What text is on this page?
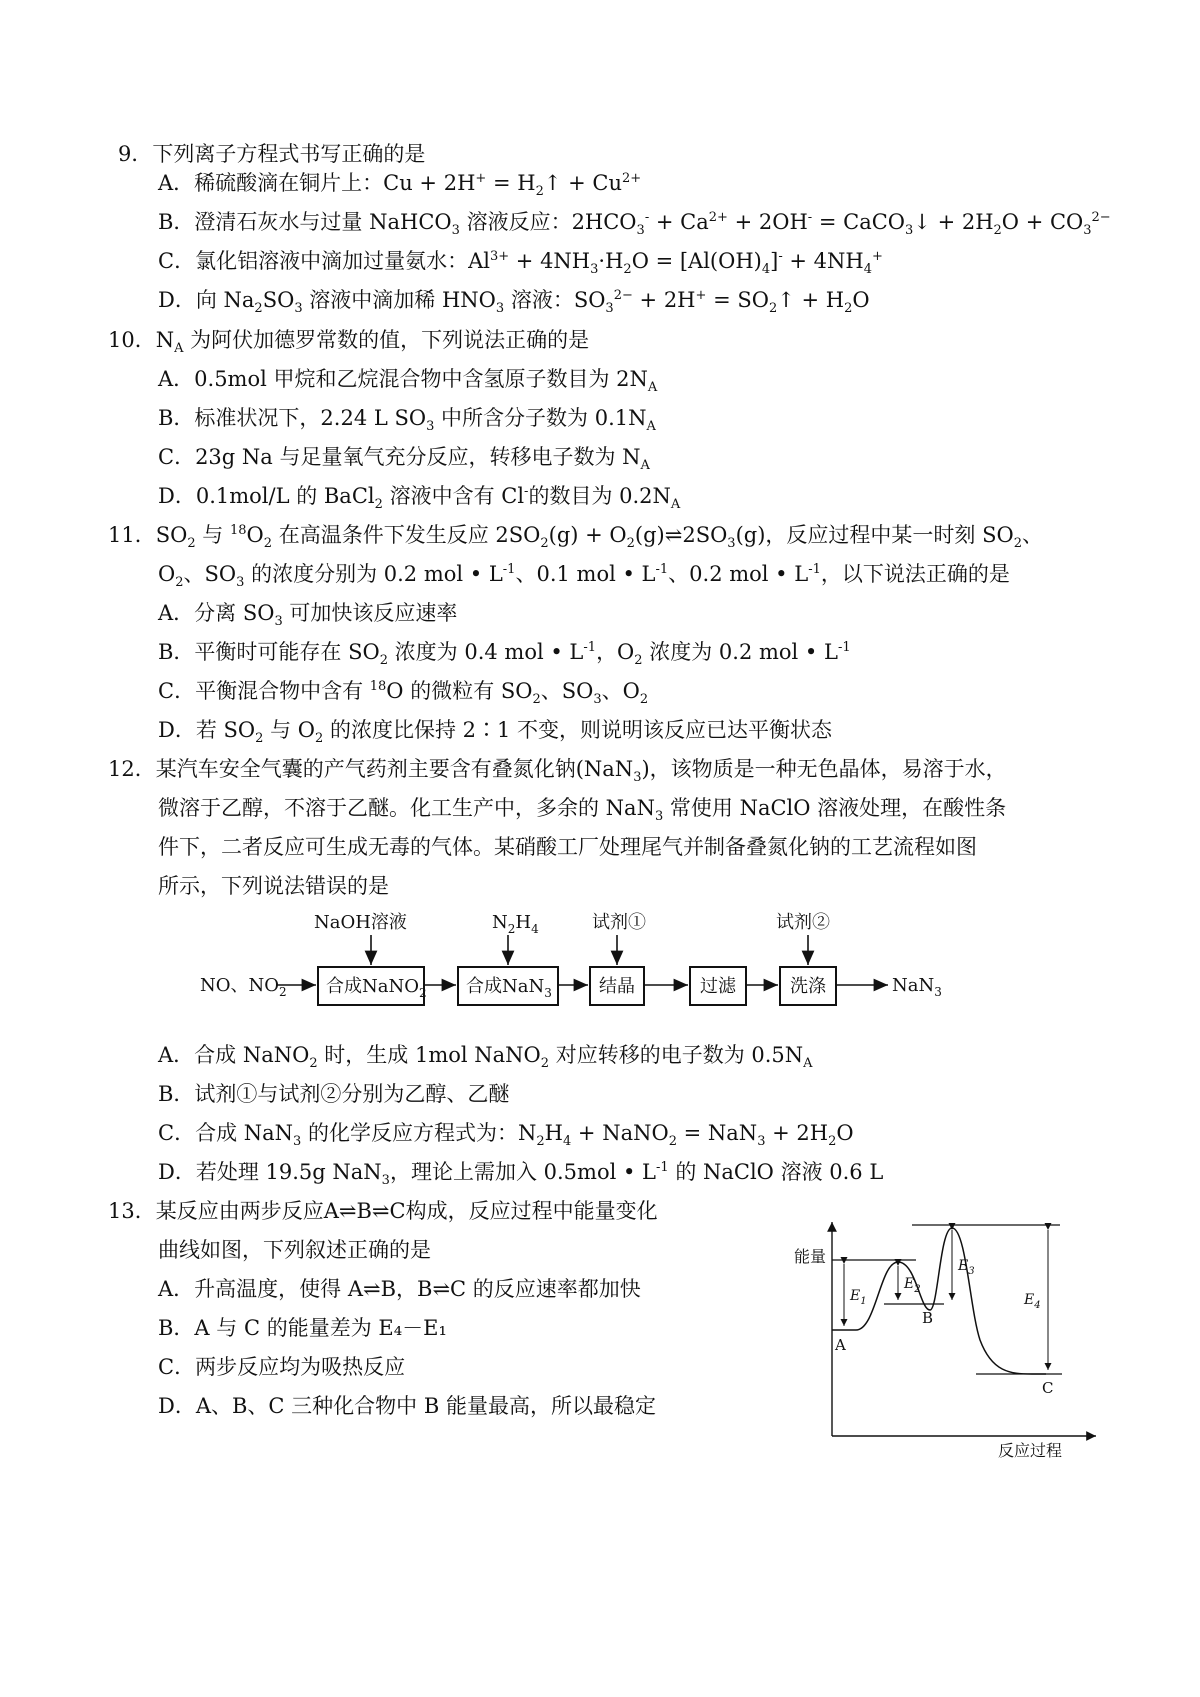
9．下列离子方程式书写正确的是
A．稀硫酸滴在铜片上：$Cu + 2H^+ = H_2↑ + Cu^{2+}$
B．澄清石灰水与过量 NaHCO$_3$ 溶液反应：$2HCO_3^- + Ca^{2+} + 2OH^-$ = CaCO$_3$↓ + $2H_2O + CO_3^{2-}$
C．氯化铝溶液中滴加过量氨水：$Al^{3+} + 4NH_3\cdot H_2O = [Al(OH)_4]^- + 4NH_4^+$
D．向 $Na_2SO_3$ 溶液中滴加稀 $HNO_3$ 溶液：$SO_3^{2-} + 2H^+$ = $SO_2↑ + H_2O$
10．$N_A$ 为阿伏加德罗常数的值，下列说法正确的是
A．0.5mol 甲烷和乙烷混合物中含氢原子数目为 $2N_A$
B．标准状况下，2.24 L $SO_3$ 中所含分子数为 $0.1N_A$
C．23g Na 与足量氧气充分反应，转移电子数为 $N_A$
D．0.1mol/L 的 BaCl$_2$ 溶液中含有 Cl-的数目为 $0.2N_A$
11．$SO_2$ 与 $^{18}O_2$ 在高温条件下发生反应 $2SO_2(g)$ + $O_2(g)\rightleftharpoons 2SO_3(g)$，反应过程中某一时刻 $SO_2$、
$O_2$、$SO_3$ 的浓度分别为 0.2 mol • $L^{-1}$、0.1 mol • $L^{-1}$、0.2 mol • $L^{-1}$，以下说法正确的是
A．分离 $SO_3$ 可加快该反应速率
B．平衡时可能存在 $SO_2$ 浓度为 0.4 mol • $L^{-1}$，$O_2$ 浓度为 0.2 mol • $L^{-1}$
C．平衡混合物中含有 $^{18}$O 的微粒有 $SO_2$、$SO_3$、$O_2$
D．若 $SO_2$ 与 $O_2$ 的浓度比保持 2∶1 不变，则说明该反应已达平衡状态
12．某汽车安全气囊的产气药剂主要含有叠氮化钠(NaN$_3$)，该物质是一种无色晶体，易溶于水，
微溶于乙醇，不溶于乙醚。化工生产中，多余的 NaN$_3$ 常使用 NaClO 溶液处理，在酸性条
件下，二者反应可生成无毒的气体。某硝酸工厂处理尾气并制备叠氮化钠的工艺流程如图
所示，下列说法错误的是
NO、$NO_2$ 合成NaNO$_2$
NaOH溶液
合成NaN$_3$
$N_2H_4$
结晶
试剂①
过滤	洗涤
试剂②
NaN$_3$
A．合成 NaNO$_2$ 时，生成 1mol NaNO$_2$ 对应转移的电子数为 $0.5N_A$
B．试剂①与试剂②分别为乙醇、乙醚
C．合成 NaN$_3$ 的化学反应方程式为：$N_2H_4$ + NaNO$_2$ = $NaN_3 + 2H_2O$
D．若处理 19.5g NaN$_3$，理论上需加入 0.5mol • $L^{-1}$ 的 NaClO 溶液 0.6 L
13．某反应由两步反应A⇌B⇌C构成，反应过程中能量变化
曲线如图，下列叙述正确的是
A．升高温度，使得 A⇌B，B⇌C 的反应速率都加快
B．A 与 C 的能量差为 E₄－E₁
C．两步反应均为吸热反应
D．A、B、C 三种化合物中 B 能量最高，所以最稳定
能量
反应过程
$E_1$
$E_2$
$E_3$
$E_4$
A
B
C
